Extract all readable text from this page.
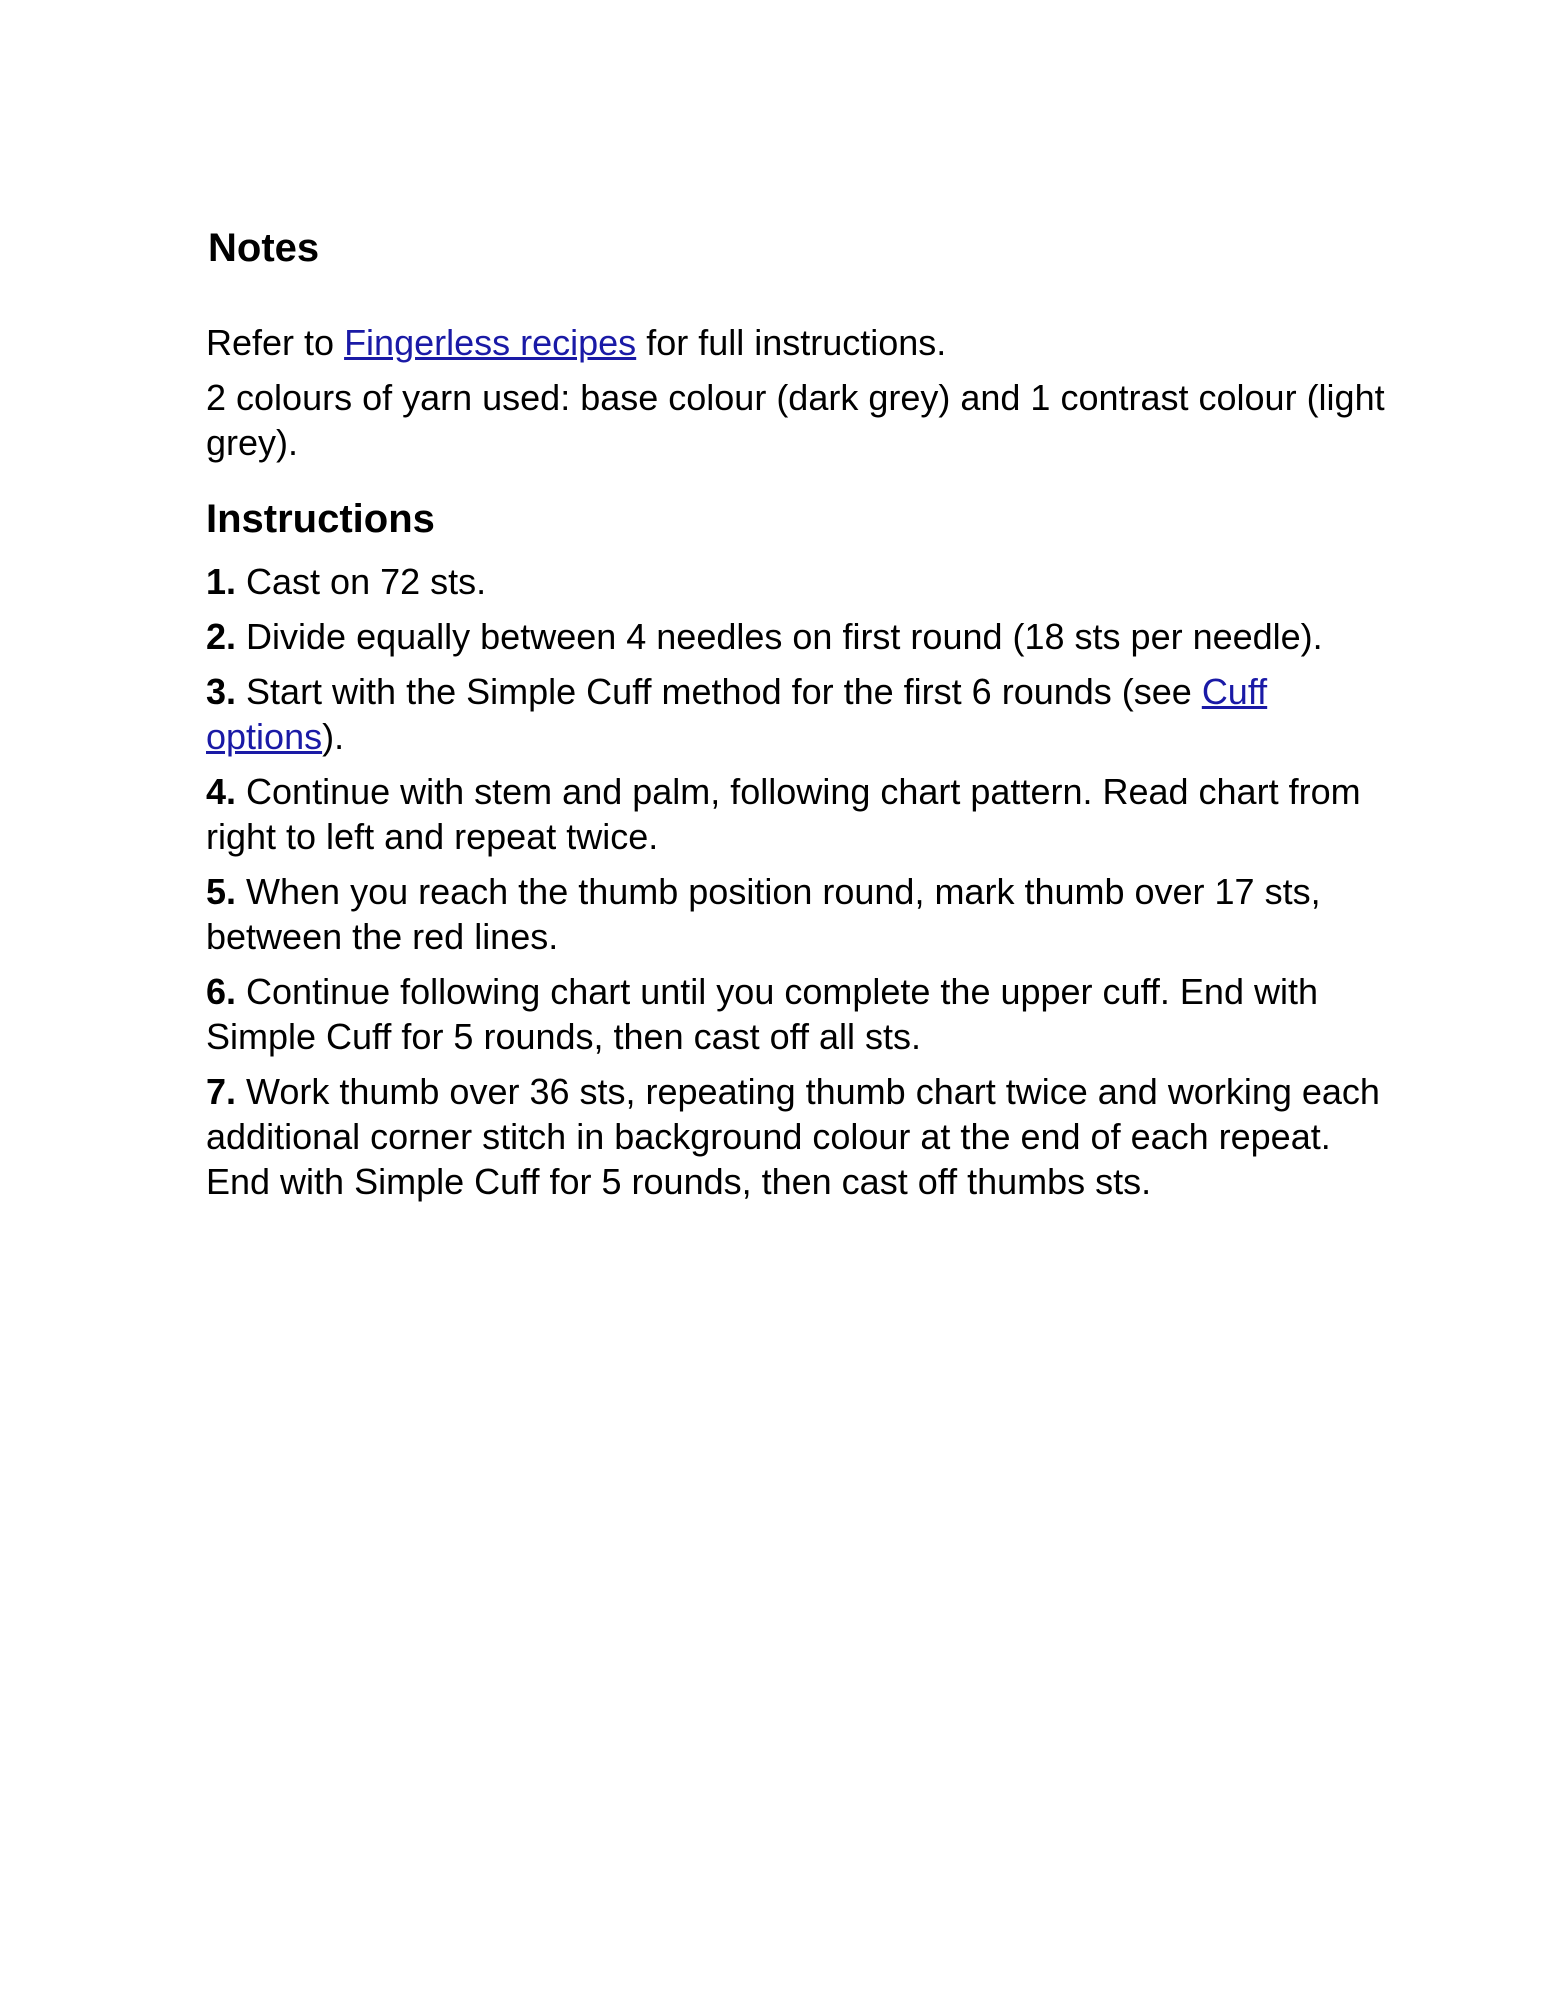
Notes

Refer to Fingerless recipes for full instructions.

2 colours of yarn used: base colour (dark grey) and 1 contrast colour (light grey).

Instructions
1. Cast on 72 sts.
2. Divide equally between 4 needles on first round (18 sts per needle).
3. Start with the Simple Cuff method for the first 6 rounds (see Cuff options).
4. Continue with stem and palm, following chart pattern. Read chart from right to left and repeat twice.
5. When you reach the thumb position round, mark thumb over 17 sts, between the red lines.
6. Continue following chart until you complete the upper cuff. End with Simple Cuff for 5 rounds, then cast off all sts.
7. Work thumb over 36 sts, repeating thumb chart twice and working each additional corner stitch in background colour at the end of each repeat. End with Simple Cuff for 5 rounds, then cast off thumbs sts.
